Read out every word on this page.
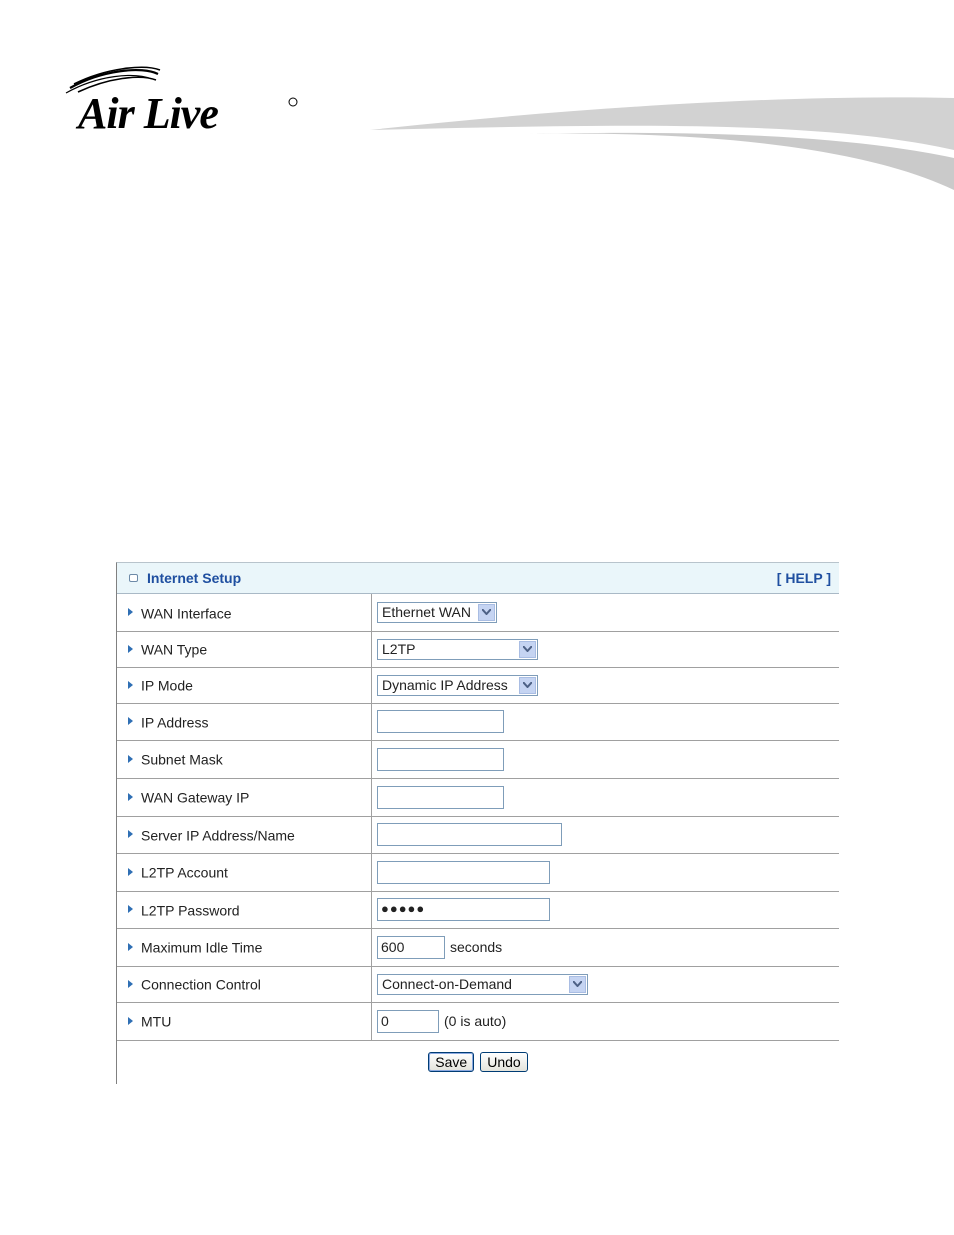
Air Live
Internet Setup	[ HELP ]
WAN Interface	Ethernet WAN

WAN Type	L2TP

IP Mode	Dynamic IP Address

IP Address	
Subnet Mask	
WAN Gateway IP	
Server IP Address/Name	
L2TP Account	
L2TP Password	●●●●●
Maximum Idle Time	600 seconds
Connection Control	Connect-on-Demand

MTU	0 (0 is auto)
Save	Undo
